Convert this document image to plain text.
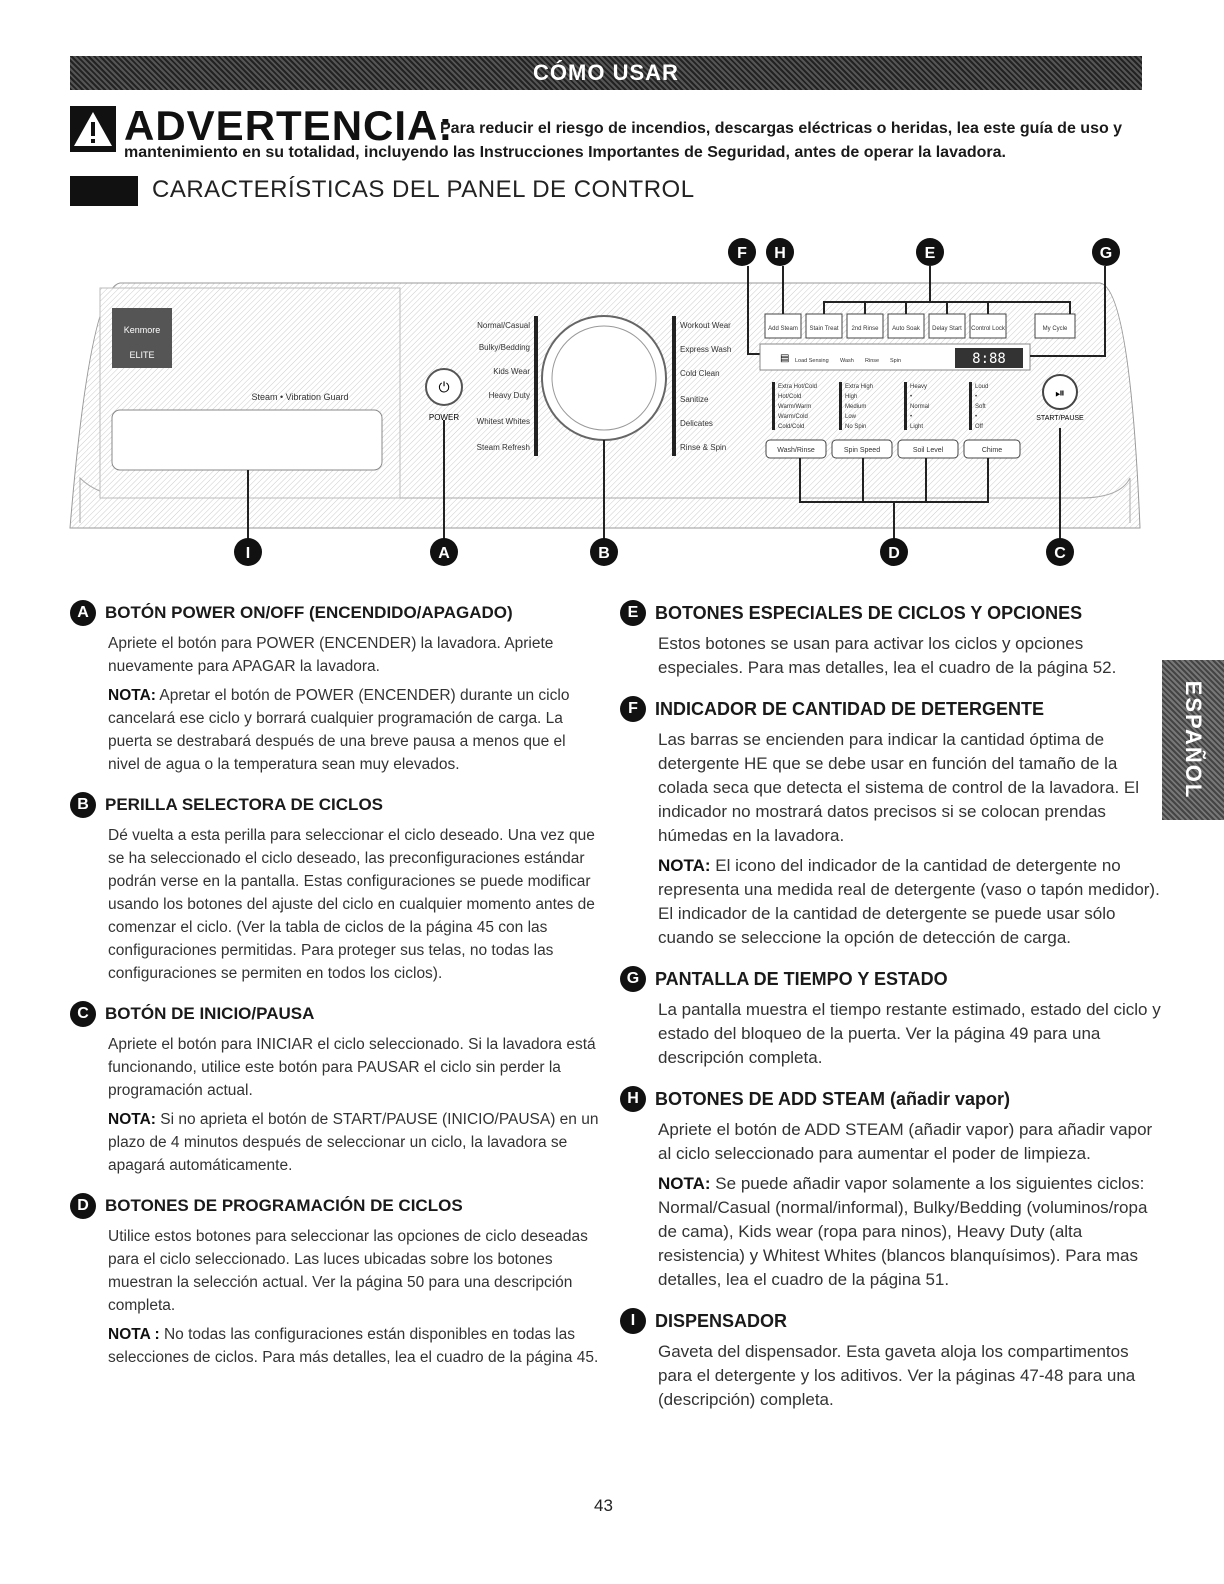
CÓMO USAR
ADVERTENCIA:
Para reducir el riesgo de incendios, descargas eléctricas o heridas, lea este guía de uso y
mantenimiento en su totalidad, incluyendo las Instrucciones Importantes de Seguridad, antes de operar la lavadora.
CARACTERÍSTICAS DEL PANEL DE CONTROL
Kenmore
ELITE
Steam • Vibration Guard
⏻
POWER
Normal/Casual
Bulky/Bedding
Kids Wear
Heavy Duty
Whitest Whites
Steam Refresh
Workout Wear
Express Wash
Cold Clean
Sanitize
Delicates
Rinse & Spin
Add Steam Stain Treat 2nd Rinse Auto Soak Delay Start Control Lock	My Cycle
▤ Load Sensing Wash Rinse Spin	8:88
Extra Hot/Cold
Hot/Cold
Warm/Warm
Warm/Cold
Cold/Cold
Extra High
High
Medium
Low
No Spin
Heavy
•
Normal
•
Light
Loud
•
Soft
•
Off
⏯
START/PAUSE
Wash/Rinse	Spin Speed	Soil Level	Chime
F H	E	G
I	A	B	D	C
A BOTÓN POWER ON/OFF (ENCENDIDO/APAGADO)

Apriete el botón para POWER (ENCENDER) la lavadora. Apriete nuevamente para APAGAR la lavadora.

NOTA: Apretar el botón de POWER (ENCENDER) durante un ciclo cancelará ese ciclo y borrará cualquier programación de carga. La puerta se destrabará después de una breve pausa a menos que el nivel de agua o la temperatura sean muy elevados.

B PERILLA SELECTORA DE CICLOS

Dé vuelta a esta perilla para seleccionar el ciclo deseado. Una vez que se ha seleccionado el ciclo deseado, las preconfiguraciones estándar podrán verse en la pantalla. Estas configuraciones se puede modificar usando los botones del ajuste del ciclo en cualquier momento antes de comenzar el ciclo. (Ver la tabla de ciclos de la página 45 con las configuraciones permitidas. Para proteger sus telas, no todas las configuraciones se permiten en todos los ciclos).

C BOTÓN DE INICIO/PAUSA

Apriete el botón para INICIAR el ciclo seleccionado. Si la lavadora está funcionando, utilice este botón para PAUSAR el ciclo sin perder la programación actual.

NOTA: Si no aprieta el botón de START/PAUSE (INICIO/PAUSA) en un plazo de 4 minutos después de seleccionar un ciclo, la lavadora se apagará automáticamente.

D BOTONES DE PROGRAMACIÓN DE CICLOS

Utilice estos botones para seleccionar las opciones de ciclo deseadas para el ciclo seleccionado. Las luces ubicadas sobre los botones muestran la selección actual. Ver la página 50 para una descripción completa.

NOTA : No todas las configuraciones están disponibles en todas las selecciones de ciclos. Para más detalles, lea el cuadro de la página 45.

E BOTONES ESPECIALES DE CICLOS Y OPCIONES

Estos botones se usan para activar los ciclos y opciones especiales. Para mas detalles, lea el cuadro de la página 52.

F INDICADOR DE CANTIDAD DE DETERGENTE

Las barras se encienden para indicar la cantidad óptima de detergente HE que se debe usar en función del tamaño de la colada seca que detecta el sistema de control de la lavadora. El indicador no mostrará datos precisos si se colocan prendas húmedas en la lavadora.

NOTA: El icono del indicador de la cantidad de detergente no representa una medida real de detergente (vaso o tapón medidor). El indicador de la cantidad de detergente se puede usar sólo cuando se seleccione la opción de detección de carga.

G PANTALLA DE TIEMPO Y ESTADO

La pantalla muestra el tiempo restante estimado, estado del ciclo y estado del bloqueo de la puerta. Ver la página 49 para una descripción completa.

H BOTONES DE ADD STEAM (añadir vapor)

Apriete el botón de ADD STEAM (añadir vapor) para añadir vapor al ciclo seleccionado para aumentar el poder de limpieza.

NOTA: Se puede añadir vapor solamente a los siguientes ciclos: Normal/Casual (normal/informal), Bulky/Bedding (voluminos/ropa de cama), Kids wear (ropa para ninos), Heavy Duty (alta resistencia) y Whitest Whites (blancos blanquísimos). Para mas detalles, lea el cuadro de la página 51.

I	DISPENSADOR

Gaveta del dispensador. Esta gaveta aloja los compartimentos para el detergente y los aditivos. Ver la páginas 47-48 para una (descripción) completa.

ESPAÑOL
43
